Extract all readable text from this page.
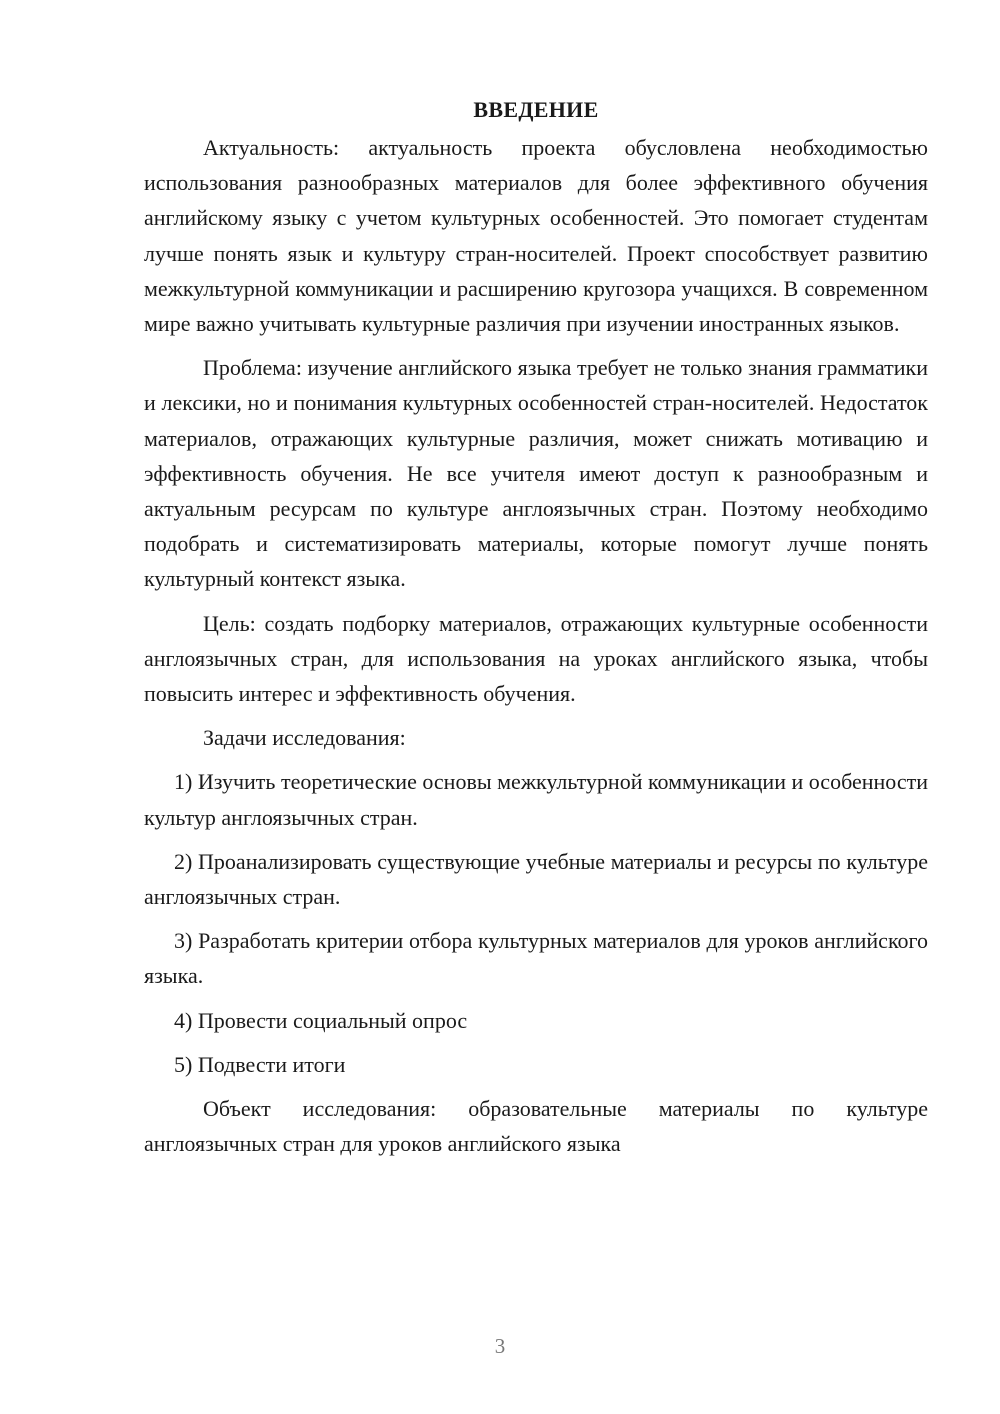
ВВЕДЕНИЕ

Актуальность: актуальность проекта обусловлена необходимостью использования разнообразных материалов для более эффективного обучения английскому языку с учетом культурных особенностей. Это помогает студентам лучше понять язык и культуру стран-носителей. Проект способствует развитию межкультурной коммуникации и расширению кругозора учащихся. В современном мире важно учитывать культурные различия при изучении иностранных языков.

Проблема: изучение английского языка требует не только знания грамматики и лексики, но и понимания культурных особенностей стран-носителей. Недостаток материалов, отражающих культурные различия, может снижать мотивацию и эффективность обучения. Не все учителя имеют доступ к разнообразным и актуальным ресурсам по культуре англоязычных стран. Поэтому необходимо подобрать и систематизировать материалы, которые помогут лучше понять культурный контекст языка.

Цель: создать подборку материалов, отражающих культурные особенности англоязычных стран, для использования на уроках английского языка, чтобы повысить интерес и эффективность обучения.

Задачи исследования:

1) Изучить теоретические основы межкультурной коммуникации и особенности культур англоязычных стран.

2) Проанализировать существующие учебные материалы и ресурсы по культуре англоязычных стран.

3) Разработать критерии отбора культурных материалов для уроков английского языка.

4) Провести социальный опрос

5) Подвести итоги

Объект исследования: образовательные материалы по культуре англоязычных стран для уроков английского языка

3
